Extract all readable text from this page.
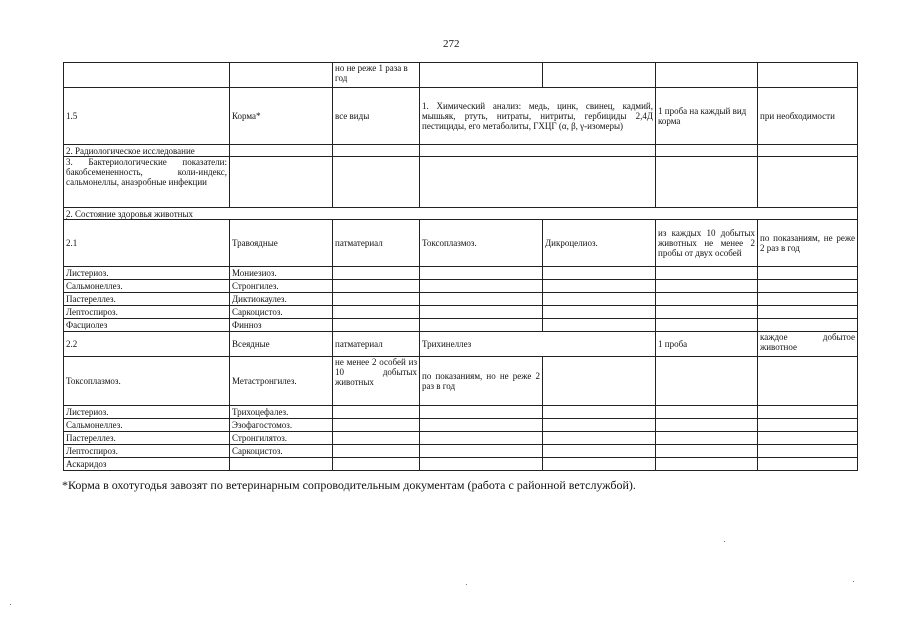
272
		но не реже 1 раза в год				
1.5	Корма*	все виды	1. Химический анализ: медь, цинк, свинец, кадмий, мышьяк, ртуть, нитраты, нитриты, гербициды 2,4Д пестициды, его метаболиты, ГХЦГ (α, β, γ-изомеры)		1 проба на каждый вид корма	при необходимости
2. Радиологическое исследование						
3. Бактериологические показатели: бакобсемененность, коли-индекс, сальмонеллы, анаэробные инфекции						
2. Состояние здоровья животных						
2.1	Травоядные	патматериал	Токсоплазмоз.	Дикроцелиоз.	из каждых 10 добытых животных не менее 2 пробы от двух особей	по показаниям, не реже 2 раз в год
Листериоз.	Мониезиоз.					
Сальмонеллез.	Стронгилез.					
Пастереллез.	Диктиокаулез.					
Лептоспироз.	Саркоцистоз.					
Фасциолез	Финноз					
2.2	Всеядные	патматериал	Трихинеллез		1 проба	каждое добытое животное
Токсоплазмоз.	Метастронгилез.	не менее 2 особей из 10 добытых животных	по показаниям, но не реже 2 раз в год			
Листериоз.	Трихоцефалез.					
Сальмонеллез.	Эзофагостомоз.					
Пастереллез.	Стронгилятоз.					
Лептоспироз.	Саркоцистоз.					
Аскаридоз						
*Корма в охотугодья завозят по ветеринарным сопроводительным документам (работа с районной ветслужбой).
